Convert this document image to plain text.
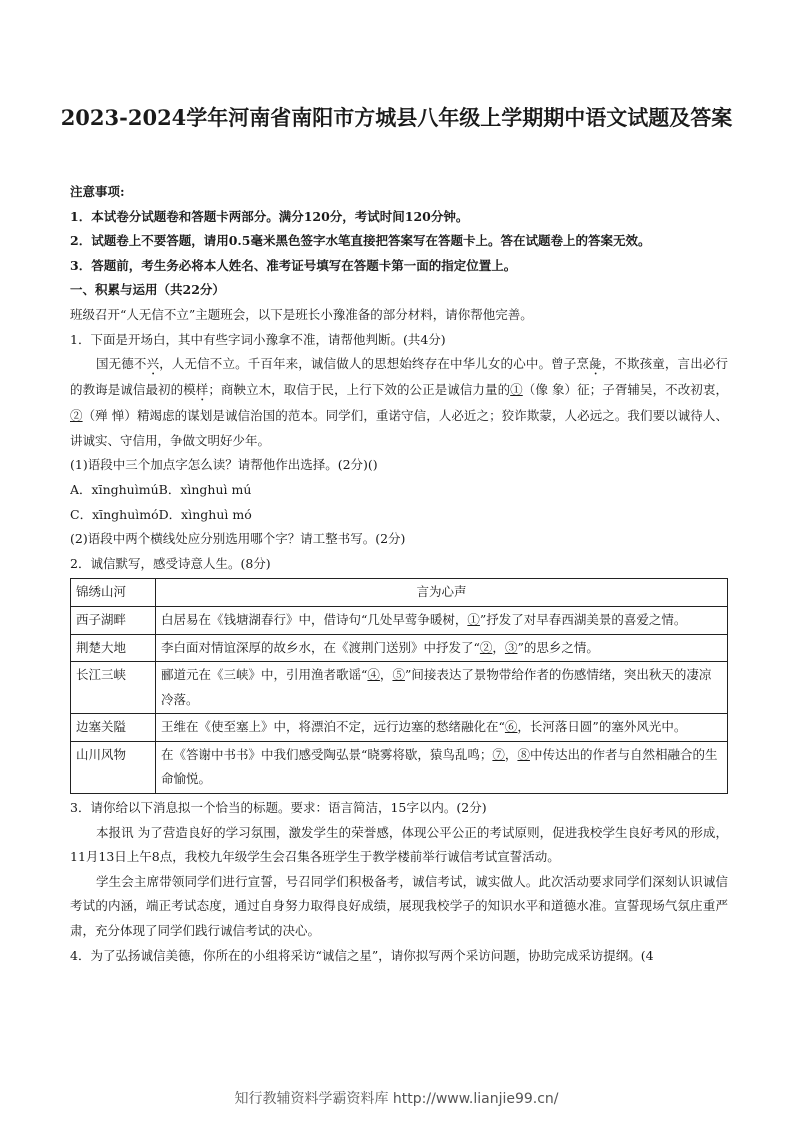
2023-2024学年河南省南阳市方城县八年级上学期期中语文试题及答案
注意事项:
1．本试卷分试题卷和答题卡两部分。满分120分，考试时间120分钟。
2．试题卷上不要答题，请用0.5毫米黑色签字水笔直接把答案写在答题卡上。答在试题卷上的答案无效。
3．答题前，考生务必将本人姓名、准考证号填写在答题卡第一面的指定位置上。
一、积累与运用（共22分）
班级召开“人无信不立”主题班会，以下是班长小豫准备的部分材料，请你帮他完善。
1．下面是开场白，其中有些字词小豫拿不准，请帮他判断。(共4分)
国无德不兴，人无信不立。千百年来，诚信做人的思想始终存在中华儿女的心中。曾子烹彘，不欺孩童，言出必行的教诲是诚信最初的模样；商鞅立木，取信于民，上行下效的公正是诚信力量的①（像 象）征；子胥辅吴，不改初衷，②（殚 惮）精竭虑的谋划是诚信治国的范本。同学们，重诺守信，人必近之；狡诈欺蒙，人必远之。我们要以诚待人、讲诚实、守信用，争做文明好少年。
(1)语段中三个加点字怎么读？请帮他作出选择。(2分)()
A．xīnghuìmúB．xìnghuì mú
C．xīnghuìmóD．xìnghuì mó
(2)语段中两个横线处应分别选用哪个字？请工整书写。(2分)
2．诚信默写，感受诗意人生。(8分)
锦绣山河	言为心声
西子湖畔	白居易在《钱塘湖春行》中，借诗句“几处早莺争暖树，①”抒发了对早春西湖美景的喜爱之情。
荆楚大地	李白面对情谊深厚的故乡水，在《渡荆门送别》中抒发了“②，③”的思乡之情。
长江三峡	郦道元在《三峡》中，引用渔者歌谣“④，⑤”间接表达了景物带给作者的伤感情绪，突出秋天的凄凉冷落。
边塞关隘	王维在《使至塞上》中，将漂泊不定，远行边塞的愁绪融化在“⑥，长河落日圆”的塞外风光中。
山川风物	在《答谢中书书》中我们感受陶弘景“晓雾将歇，猿鸟乱鸣；⑦，⑧中传达出的作者与自然相融合的生命愉悦。
3．请你给以下消息拟一个恰当的标题。要求：语言简洁，15字以内。(2分)
本报讯 为了营造良好的学习氛围，激发学生的荣誉感，体现公平公正的考试原则，促进我校学生良好考风的形成，11月13日上午8点，我校九年级学生会召集各班学生于教学楼前举行诚信考试宣誓活动。
学生会主席带领同学们进行宣誓，号召同学们积极备考，诚信考试，诚实做人。此次活动要求同学们深刻认识诚信考试的内涵，端正考试态度，通过自身努力取得良好成绩，展现我校学子的知识水平和道德水准。宣誓现场气氛庄重严肃，充分体现了同学们践行诚信考试的决心。
4．为了弘扬诚信美德，你所在的小组将采访“诚信之星”，请你拟写两个采访问题，协助完成采访提纲。(4
知行教辅资料学霸资料库 http://www.lianjie99.cn/
